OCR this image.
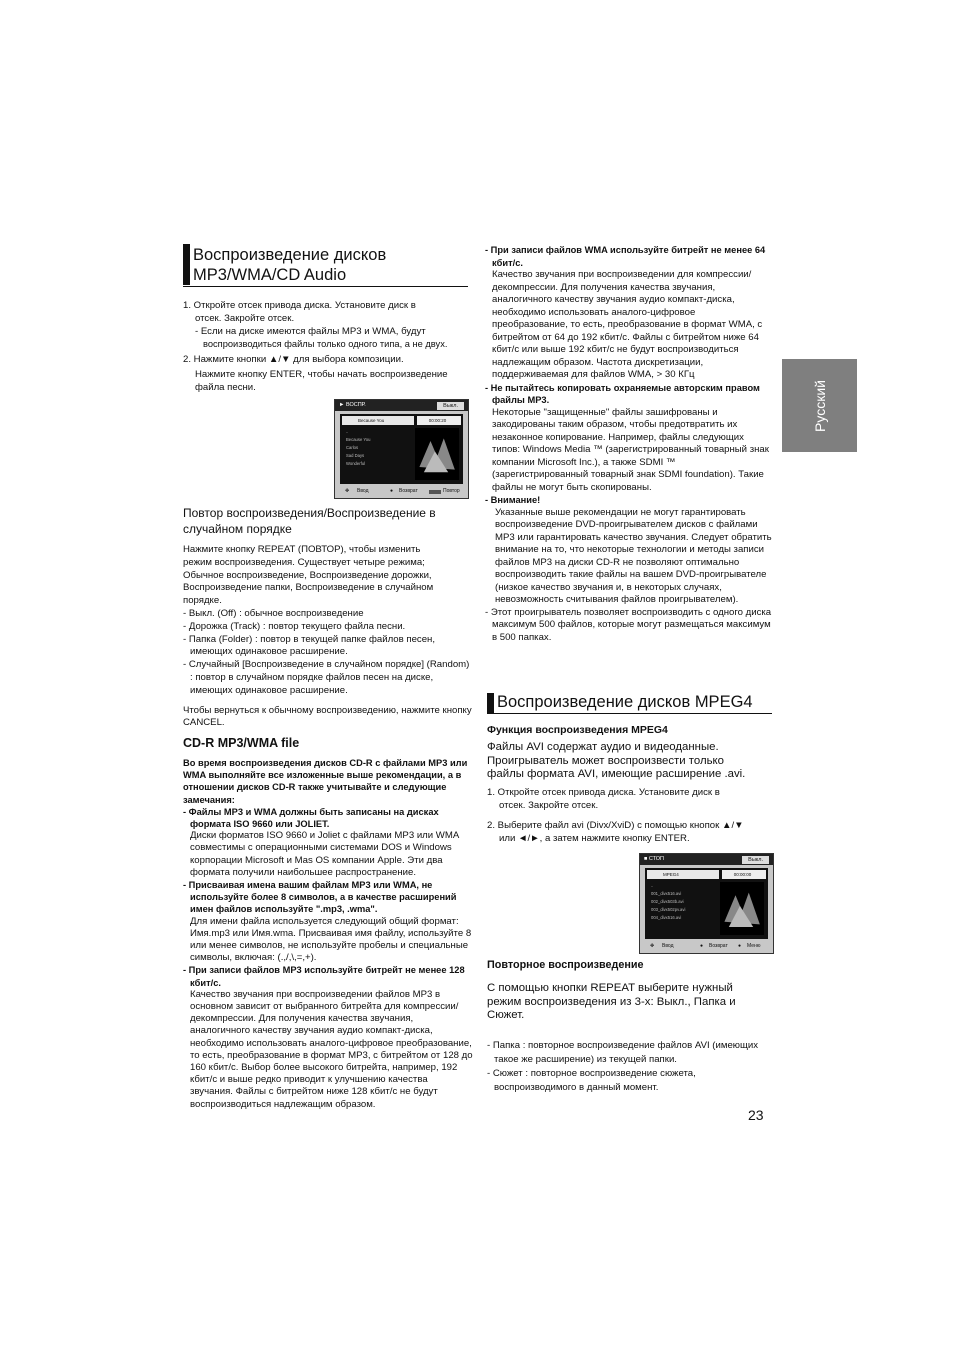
Русский

Воспроизведение дисков

MP3/WMA/CD Audio

1. Откройте отсек привода диска. Установите диск в

отсек. Закройте отсек.

- Если на диске имеются файлы MP3 и WMA, будут

воспроизводиться файлы только одного типа, а не двух.

2. Нажмите кнопки ▲/▼ для выбора композиции.

Нажмите кнопку ENTER, чтобы начать воспроизведение

файла песни.

► ВОСПР.	Выкл.
Because You	00:00:20
..
Because You
Carlos
Sad Days
Wonderful
✥ Ввод	● Возврат	Повтор

Повтор воспроизведения/Воспроизведение в

случайном порядке

Нажмите кнопку REPEAT (ПОВТОР), чтобы изменить

режим воспроизведения. Существует четыре режима;

Обычное воспроизведение, Воспроизведение дорожки,

Воспроизведение папки, Воспроизведение в случайном

порядке.

- Выкл. (Off) : обычное воспроизведение

- Дорожка (Track) : повтор текущего файла песни.

- Папка (Folder) : повтор в текущей папке файлов песен, имеющих одинаковое расширение.

- Случайный [Воспроизведение в случайном порядке] (Random) : повтор в случайном порядке файлов песен на диске, имеющих одинаковое расширение.

Чтобы вернуться к обычному воспроизведению, нажмите кнопку CANCEL.

CD-R MP3/WMA file

Во время воспроизведения дисков CD-R с файлами MP3 или WMA выполняйте все изложенные выше рекомендации, а в отношении дисков CD-R также учитывайте и следующие замечания:

- Файлы MP3 и WMA должны быть записаны на дисках формата ISO 9660 или JOLIET.

Диски форматов ISO 9660 и Joliet с файлами MP3 или WMA совместимы с операционными системами DOS и Windows корпорации Microsoft и Mas OS компании Apple. Эти два формата получили наибольшее распространение.

- Присваивая имена вашим файлам MP3 или WMA, не используйте более 8 символов, а в качестве расширений имен файлов используйте ".mp3, .wma".

Для имени файла используется следующий общий формат: Имя.mp3 или Имя.wma. Присваивая имя файлу, используйте 8 или менее символов, не используйте пробелы и специальные символы, включая: (.,/,\,=,+).

- При записи файлов MP3 используйте битрейт не менее 128 кбит/с.

Качество звучания при воспроизведении файлов MP3 в основном зависит от выбранного битрейта для компрессии/декомпрессии. Для получения качества звучания, аналогичного качеству звучания аудио компакт-диска, необходимо использовать аналого-цифровое преобразование, то есть, преобразование в формат MP3, с битрейтом от 128 до 160 кбит/с. Выбор более высокого битрейта, например, 192 кбит/с и выше редко приводит к улучшению качества звучания. Файлы с битрейтом ниже 128 кбит/с не будут воспроизводиться надлежащим образом.

- При записи файлов WMA используйте битрейт не менее 64 кбит/с.

Качество звучания при воспроизведении для компрессии/декомпрессии. Для получения качества звучания, аналогичного качеству звучания аудио компакт-диска, необходимо использовать аналого-цифровое преобразование, то есть, преобразование в формат WMA, с битрейтом от 64 до 192 кбит/с. Файлы с битрейтом ниже 64 кбит/с или выше 192 кбит/с не будут воспроизводиться надлежащим образом. Частота дискретизации, поддерживаемая для файлов WMA, > 30 КГц

- Не пытайтесь копировать охраняемые авторским правом файлы MP3.

Некоторые "защищенные" файлы зашифрованы и закодированы таким образом, чтобы предотвратить их незаконное копирование. Например, файлы следующих типов: Windows Media ™ (зарегистрированный товарный знак компании Microsoft Inc.), а также SDMI ™ (зарегистрированный товарный знак SDMI foundation). Такие файлы не могут быть скопированы.

- Внимание!

Указанные выше рекомендации не могут гарантировать воспроизведение DVD-проигрывателем дисков с файлами MP3 или гарантировать качество звучания. Следует обратить внимание на то, что некоторые технологии и методы записи файлов MP3 на диски CD-R не позволяют оптимально воспроизводить такие файлы на вашем DVD-проигрывателе (низкое качество звучания и, в некоторых случаях, невозможность считывания файлов проигрывателем).

- Этот проигрыватель позволяет воспроизводить с одного диска максимум 500 файлов, которые могут размещаться максимум в 500 папках.

Воспроизведение дисков MPEG4

Функция воспроизведения MPEG4

Файлы AVI содержат аудио и видеоданные. Проигрыватель может воспроизвести только файлы формата AVI, имеющие расширение .avi.

1. Откройте отсек привода диска. Установите диск в

отсек. Закройте отсек.

2. Выберите файл avi (Divx/XviD) с помощью кнопок ▲/▼

или ◄/►, а затем нажмите кнопку ENTER.

■ СТОП	Выкл.
MPEG4	00:00:00
..
001_divx516.avi
002_divx503b.avi
003_divx502pv.avi
004_divx516.avi
✥ Ввод	● Возврат ● Меню

Повторное воспроизведение

С помощью кнопки REPEAT выберите нужный режим воспроизведения из 3-х: Выкл., Папка и Сюжет.

- Папка : повторное воспроизведение файлов AVI (имеющих такое же расширение) из текущей папки.

- Сюжет : повторное воспроизведение сюжета, воспроизводимого в данный момент.

23
